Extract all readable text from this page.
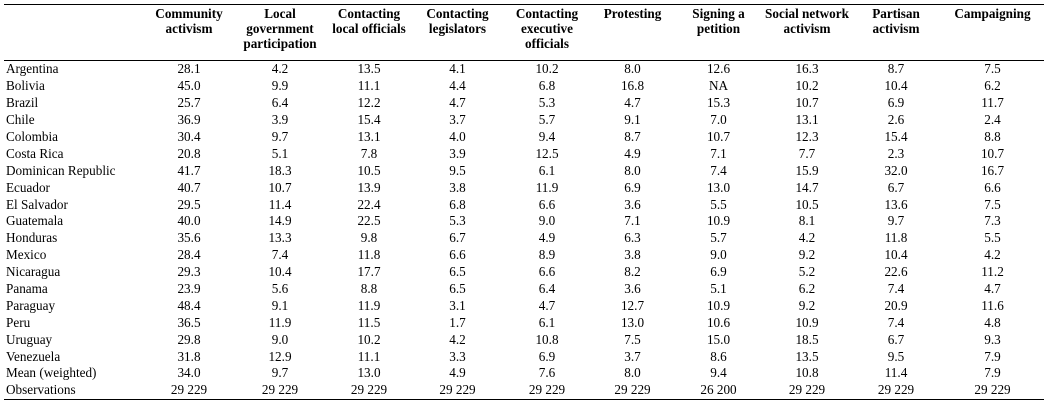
	Community activism	Local government participation	Contacting local officials	Contacting legislators	Contacting executive officials	Protesting	Signing a petition	Social network activism	Partisan activism	Campaigning
Argentina	28.1	4.2	13.5	4.1	10.2	8.0	12.6	16.3	8.7	7.5
Bolivia	45.0	9.9	11.1	4.4	6.8	16.8	NA	10.2	10.4	6.2
Brazil	25.7	6.4	12.2	4.7	5.3	4.7	15.3	10.7	6.9	11.7
Chile	36.9	3.9	15.4	3.7	5.7	9.1	7.0	13.1	2.6	2.4
Colombia	30.4	9.7	13.1	4.0	9.4	8.7	10.7	12.3	15.4	8.8
Costa Rica	20.8	5.1	7.8	3.9	12.5	4.9	7.1	7.7	2.3	10.7
Dominican Republic	41.7	18.3	10.5	9.5	6.1	8.0	7.4	15.9	32.0	16.7
Ecuador	40.7	10.7	13.9	3.8	11.9	6.9	13.0	14.7	6.7	6.6
El Salvador	29.5	11.4	22.4	6.8	6.6	3.6	5.5	10.5	13.6	7.5
Guatemala	40.0	14.9	22.5	5.3	9.0	7.1	10.9	8.1	9.7	7.3
Honduras	35.6	13.3	9.8	6.7	4.9	6.3	5.7	4.2	11.8	5.5
Mexico	28.4	7.4	11.8	6.6	8.9	3.8	9.0	9.2	10.4	4.2
Nicaragua	29.3	10.4	17.7	6.5	6.6	8.2	6.9	5.2	22.6	11.2
Panama	23.9	5.6	8.8	6.5	6.4	3.6	5.1	6.2	7.4	4.7
Paraguay	48.4	9.1	11.9	3.1	4.7	12.7	10.9	9.2	20.9	11.6
Peru	36.5	11.9	11.5	1.7	6.1	13.0	10.6	10.9	7.4	4.8
Uruguay	29.8	9.0	10.2	4.2	10.8	7.5	15.0	18.5	6.7	9.3
Venezuela	31.8	12.9	11.1	3.3	6.9	3.7	8.6	13.5	9.5	7.9
Mean (weighted)	34.0	9.7	13.0	4.9	7.6	8.0	9.4	10.8	11.4	7.9
Observations	29 229	29 229	29 229	29 229	29 229	29 229	26 200	29 229	29 229	29 229
